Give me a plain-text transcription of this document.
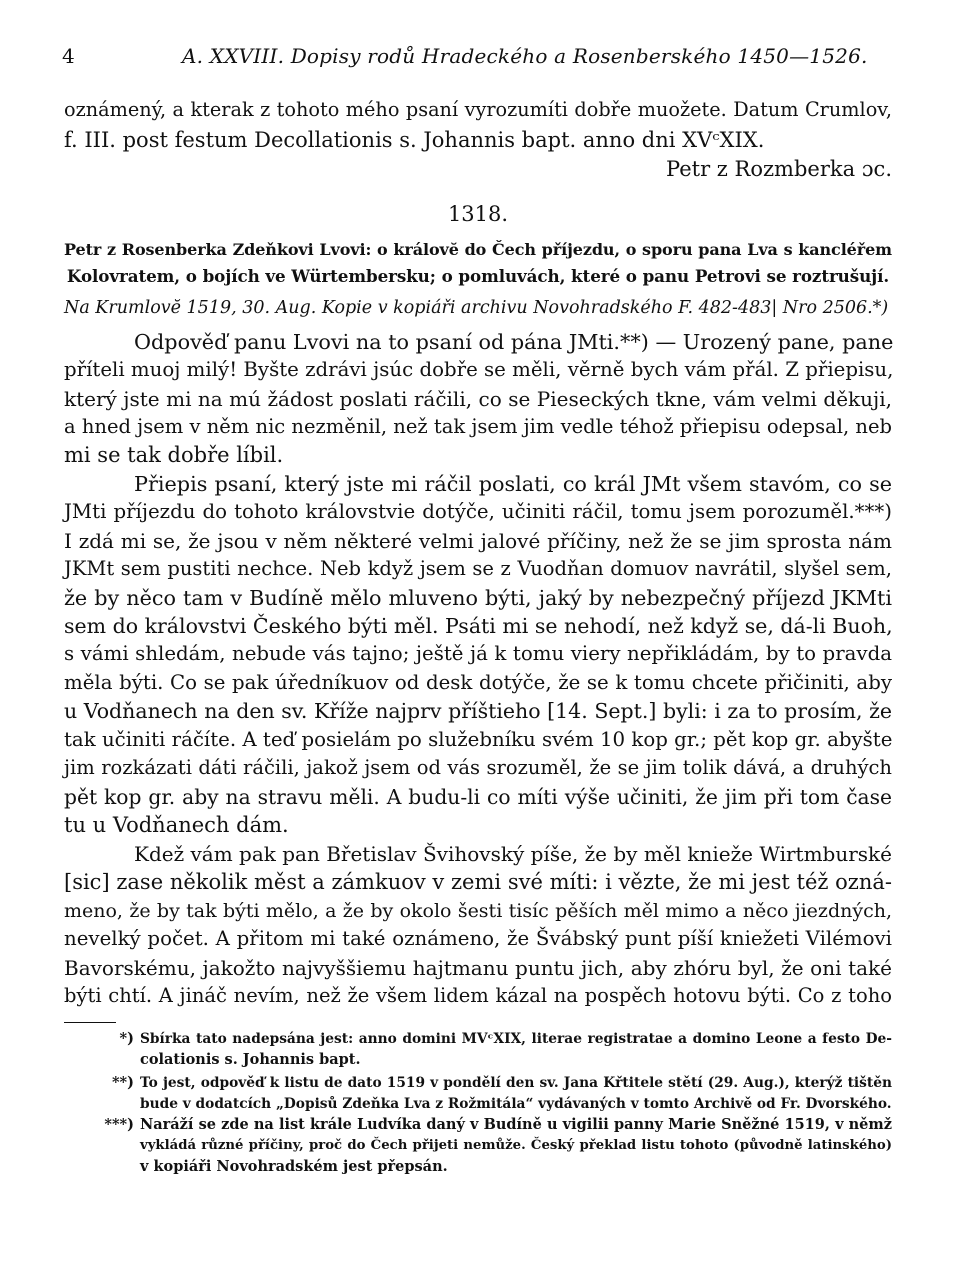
4	A. XXVIII. Dopisy rodů Hradeckého a Rosenberského 1450—1526.
oznámený, a kterak z tohoto mého psaní vyrozumíti dobře muožete. Datum Crumlov,
f. III. post festum Decollationis s. Johannis bapt. anno dni XVᶜXIX.
Petr z Rozmberka ɔc.
1318.
Petr z Rosenberka Zdeňkovi Lvovi: o královĕ do Čech příjezdu, o sporu pana Lva s kancléřem
Kolovratem, o bojích ve Würtembersku; o pomluvách, které o panu Petrovi se roztrušují.
Na Krumlovĕ 1519, 30. Aug. Kopie v kopiáři archivu Novohradského F. 482-483| Nro 2506.*)
Odpověď panu Lvovi na to psaní od pána JMti.**) — Urozený pane, pane
příteli muoj milý! Byšte zdrávi jsúc dobře se měli, věrně bych vám přál. Z přiepisu,
který jste mi na mú žádost poslati ráčili, co se Pieseckých tkne, vám velmi děkuji,
a hned jsem v něm nic nezměnil, než tak jsem jim vedle téhož přiepisu odepsal, neb
mi se tak dobře líbil.
Přiepis psaní, který jste mi ráčil poslati, co král JMt všem stavóm, co se
JMti příjezdu do tohoto královstvie dotýče, učiniti ráčil, tomu jsem porozuměl.***)
I zdá mi se, že jsou v něm některé velmi jalové příčiny, než že se jim sprosta nám
JKMt sem pustiti nechce. Neb když jsem se z Vuodňan domuov navrátil, slyšel sem,
že by něco tam v Budíně mělo mluveno býti, jaký by nebezpečný příjezd JKMti
sem do královstvi Českého býti měl. Psáti mi se nehodí, než když se, dá-li Buoh,
s vámi shledám, nebude vás tajno; ještě já k tomu viery nepřikládám, by to pravda
měla býti. Co se pak úředníkuov od desk dotýče, že se k tomu chcete přičiniti, aby
u Vodňanech na den sv. Kříže najprv příštieho [14. Sept.] byli: i za to prosím, že
tak učiniti ráčíte. A teď posielám po služebníku svém 10 kop gr.; pět kop gr. abyšte
jim rozkázati dáti ráčili, jakož jsem od vás srozuměl, že se jim tolik dává, a druhých
pět kop gr. aby na stravu měli. A budu-li co míti výše učiniti, že jim při tom čase
tu u Vodňanech dám.
Kdež vám pak pan Břetislav Švihovský píše, že by měl knieže Wirtmburské
[sic] zase několik měst a zámkuov v zemi své míti: i vězte, že mi jest též ozná-
meno, že by tak býti mělo, a že by okolo šesti tisíc pěších měl mimo a něco jiezdných,
nevelký počet. A přitom mi také oznámeno, že Švábský punt píší kniežeti Vilémovi
Bavorskému, jakožto najvyššiemu hajtmanu puntu jich, aby zhóru byl, že oni také
býti chtí. A jináč nevím, než že všem lidem kázal na pospěch hotovu býti. Co z toho
*) Sbírka tato nadepsána jest: anno domini MVᶜXIX, literae registratae a domino Leone a festo De-
colationis s. Johannis bapt.
**) To jest, odpověď k listu de dato 1519 v pondělí den sv. Jana Křtitele stětí (29. Aug.), kterýž tištěn
bude v dodatcích „Dopisů Zdeňka Lva z Rožmitála“ vydávaných v tomto Archivě od Fr. Dvorského.
***) Naráží se zde na list krále Ludvíka daný v Budíně u vigilii panny Marie Sněžné 1519, v němž
vykládá různé příčiny, proč do Čech přijeti nemůže. Český překlad listu tohoto (původně latinského)
v kopiáři Novohradském jest přepsán.
